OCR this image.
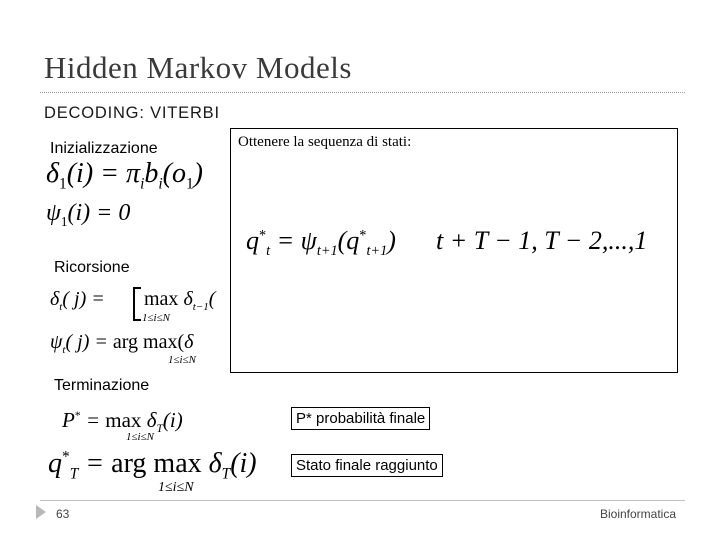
Hidden Markov Models
DECODING: VITERBI
Inizializzazione
$\delta_1(i) = \pi_ib_i(o_1)$
$\psi_1(i) = 0$
Ricorsione
$\delta_t$( $j) = \max \delta_{t-1}$(
1≤i≤N
$\psi_t$( j) = arg max(δ
1≤i≤N
Ottenere la sequenza di stati:
$q^*_t = \psi_{t+1}(q^*_{t+1}) t + T - 1$, T − 2,...,1
Terminazione
$P^* = \max \delta_T(i)$
1≤i≤N
$q^*_T$ = arg $\max \delta_T(i)$
1≤i≤N
P* probabilità finale
Stato finale raggiunto
63	Bioinformatica
